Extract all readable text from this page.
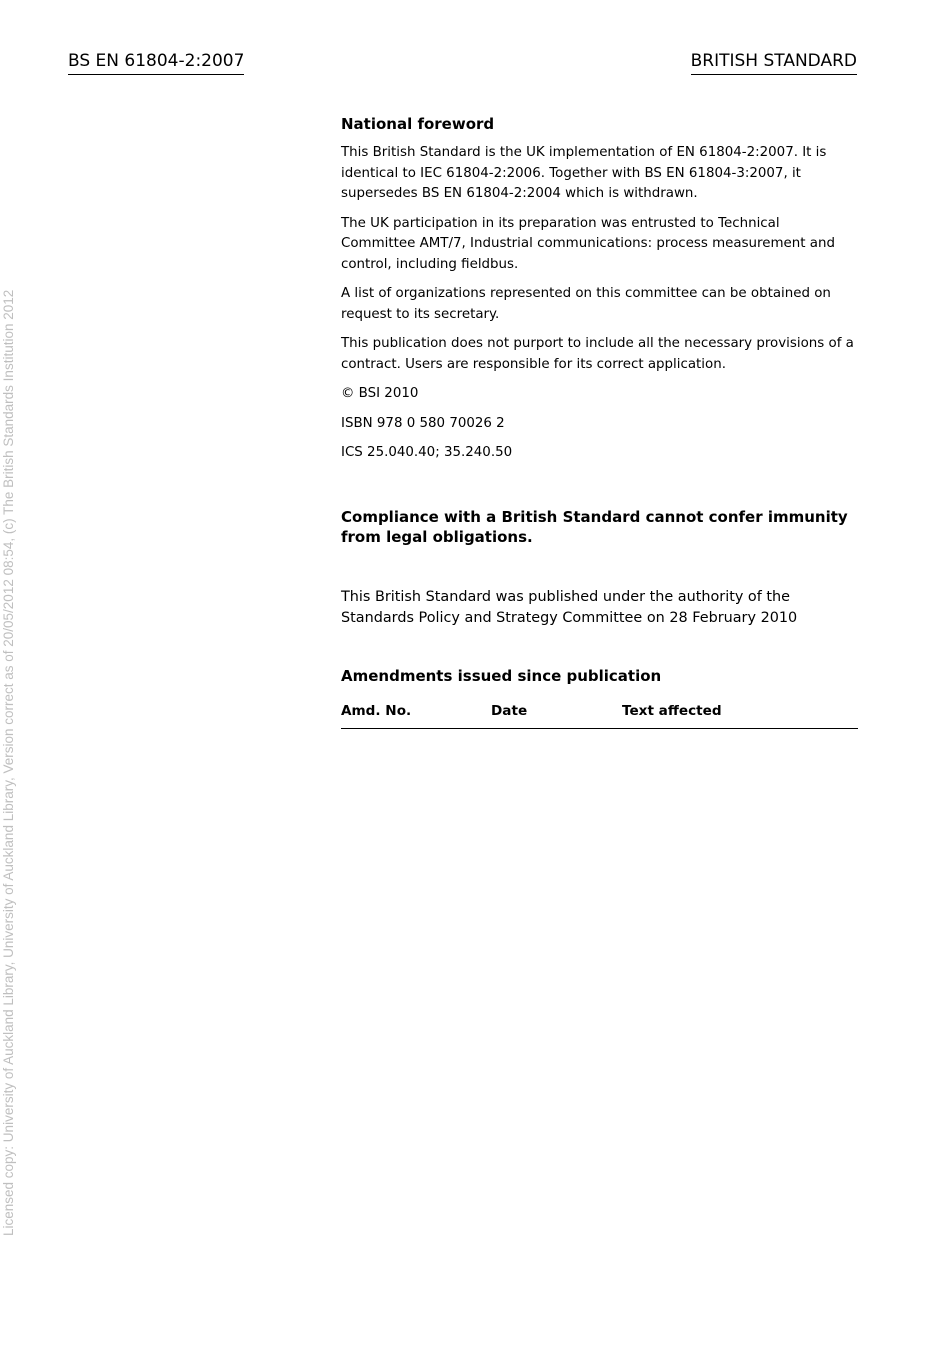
BS EN 61804-2:2007	BRITISH STANDARD
Licensed copy: University of Auckland Library, University of Auckland Library, Version correct as of 20/05/2012 08:54, (c) The British Standards Institution 2012
National foreword

This British Standard is the UK implementation of EN 61804-2:2007. It is identical to IEC 61804-2:2006. Together with BS EN 61804-3:2007, it supersedes BS EN 61804-2:2004 which is withdrawn.

The UK participation in its preparation was entrusted to Technical Committee AMT/7, Industrial communications: process measurement and control, including fieldbus.

A list of organizations represented on this committee can be obtained on request to its secretary.

This publication does not purport to include all the necessary provisions of a contract. Users are responsible for its correct application.

© BSI 2010

ISBN 978 0 580 70026 2

ICS 25.040.40; 35.240.50

Compliance with a British Standard cannot confer immunity from legal obligations.
This British Standard was published under the authority of the Standards Policy and Strategy Committee on 28 February 2010
Amendments issued since publication
Amd. No.	Date	Text affected
